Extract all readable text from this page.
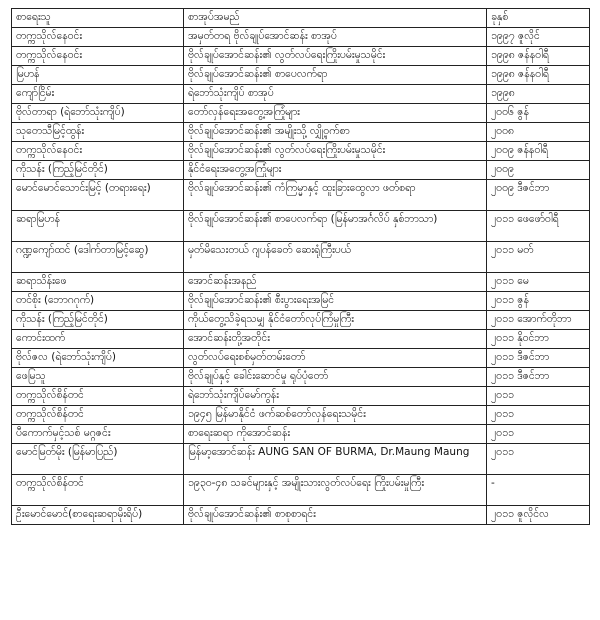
စာရေးသူ	စာအုပ်အမည်	ခုနှစ်
တက္ကသိုလ်နေဝင်း	အမှတ်တရ ဗိုလ်ချုပ်အောင်ဆန်း စာအုပ်	၁၉၉၇ ဇူလိုင်
တက္ကသိုလ်နေဝင်း	ဗိုလ်ချုပ်အောင်ဆန်း၏ လွတ်လပ်ရေးကြိုးပမ်းမှုသမိုင်း	၁၉၉၈ ဇန်နဝါရီ
မြဟန်	ဗိုလ်ချုပ်အောင်ဆန်း၏ စာပေလက်ရာ	၁၉၉၈ ဇန်နဝါရီ
ကျော်ငြိမ်း	ရဲဘော်သုံးကျိပ် စာအုပ်	၁၉၉၈
ဗိုလ်တာရာ (ရဲဘော်သုံးကျိပ်)	တော်လှန်ရေးအတွေ့အကြုံများ	၂၀၀၆ ဇွန်
သုတေသီမြင့်ထွန်း	ဗိုလ်ချုပ်အောင်ဆန်း၏ အမျိုးသို့ လျှို့ဝှက်စာ	၂၀၀၈
တက္ကသိုလ်နေဝင်း	ဗိုလ်ချုပ်အောင်ဆန်း၏ လွတ်လပ်ရေးကြိုးပမ်းမှုသမိုင်း	၂၀၀၉ ဇန်နဝါရီ
ကိုသန်း (ကြည့်မြင်တိုင်)	နိုင်ငံရေးအတွေ့အကြုံများ	၂၀၀၉
မောင်မောင်သောင်းမြင့် (တရားရေး)	ဗိုလ်ချုပ်အောင်ဆန်း၏ ကံကြမ္မာနှင့် ထူးခြားထွေလာ ဖတ်စရာ	၂၀၀၉ ဒီဇင်ဘာ
ဆရာမြဟန်	ဗိုလ်ချုပ်အောင်ဆန်း၏ စာပေလက်ရာ (မြန်မာအင်္ဂလိပ် နှစ်ဘာသာ)	၂၀၁၁ ဖေဖော်ဝါရီ
ဂဏ္ဍကျော်ထင် (ဒေါက်တာမြင့်ဆွေ)	မှတ်မိသေးတယ် ဂျပန်ခေတ် ဆေးရုံကြီးပယ်	၂၀၁၁ မတ်
ဆရာသိန်းဖေ	အောင်ဆန်းအနည်	၂၀၁၁ မေ
တင်စိုး (ဘောဂဂုက်)	ဗိုလ်ချုပ်အောင်ဆန်း၏ စီးပွားရေးအမြင်	၂၀၁၁ ဇွန်
ကိုသန်း (ကြည့်မြင်တိုင်)	ကိုယ်တွေ့သိခဲ့ရသမျှ နိုင်ငံတော်လုပ်ကြံမှုကြီး	၂၀၁၁ အောက်တိုဘာ
ကောင်းထက်	အောင်ဆန်းတို့အတိုင်း	၂၀၁၁ နိုဝင်ဘာ
ဗိုလ်ဇလ (ရဲဘော်သုံးကျိပ်)	လွတ်လပ်ရေးစစ်မှတ်တမ်းတော်	၂၀၁၁ ဒီဇင်ဘာ
ဖေမြသူ	ဗိုလ်ချုပ်နှင့် ခေါင်းဆောင်မှု ရုပ်ပုံတော်	၂၀၁၁ ဒီဇင်ဘာ
တက္ကသိုလ်စိန်တင်	ရဲဘော်သုံးကျိပ်မော်ကွန်း	၂၀၁၁
တက္ကသိုလ်စိန်တင်	၁၉၄၅ မြန်မာနိုင်ငံ ဖက်ဆစ်တော်လှန်ရေးသမိုင်း	၂၀၁၁
ပီကောက်မှင့်သစ် မဂ္ဂဇင်း	စာရေးဆရာ ကိုအောင်ဆန်း	၂၀၁၁
မောင်မြတ်မိုး (မြန်မာပြည်)	မြန်မာ့အောင်ဆန်း AUNG SAN OF BURMA, Dr.Maung Maung	၂၀၁၁
တက္ကသိုလ်စိန်တင်	၁၉၃၀-၄၈ သခင်များနှင့် အမျိုးသားလွတ်လပ်ရေး ကြိုးပမ်းမှုကြီး	-
ဦးမောင်မောင်(စာရေးဆရာမိုးရိပ်)	ဗိုလ်ချုပ်အောင်ဆန်း၏ စာစုစာရင်း	၂၀၁၁ ဇူလိုင်လ
